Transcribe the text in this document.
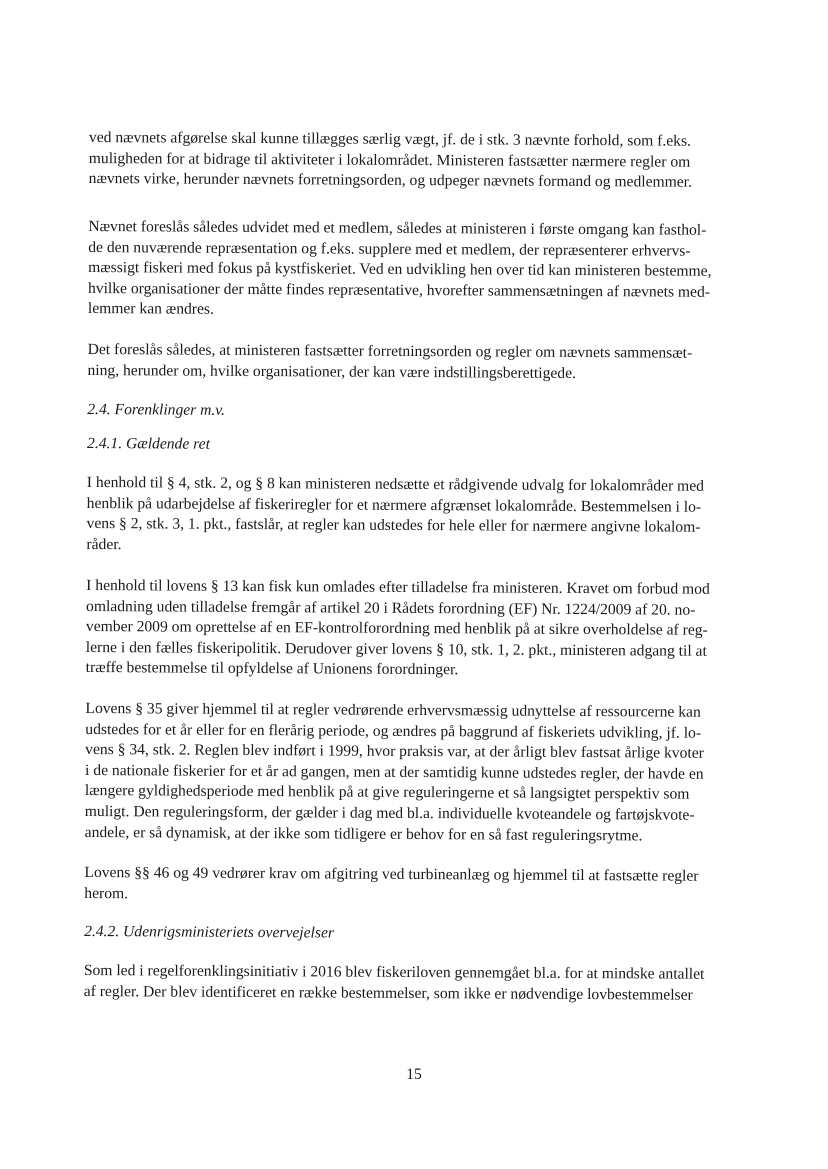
ved nævnets afgørelse skal kunne tillægges særlig vægt, jf. de i stk. 3 nævnte forhold, som f.eks.
muligheden for at bidrage til aktiviteter i lokalområdet. Ministeren fastsætter nærmere regler om
nævnets virke, herunder nævnets forretningsorden, og udpeger nævnets formand og medlemmer.

Nævnet foreslås således udvidet med et medlem, således at ministeren i første omgang kan fasthol-
de den nuværende repræsentation og f.eks. supplere med et medlem, der repræsenterer erhvervs-
mæssigt fiskeri med fokus på kystfiskeriet. Ved en udvikling hen over tid kan ministeren bestemme,
hvilke organisationer der måtte findes repræsentative, hvorefter sammensætningen af nævnets med-
lemmer kan ændres.

Det foreslås således, at ministeren fastsætter forretningsorden og regler om nævnets sammensæt-
ning, herunder om, hvilke organisationer, der kan være indstillingsberettigede.

2.4. Forenklinger m.v.

2.4.1. Gældende ret

I henhold til § 4, stk. 2, og § 8 kan ministeren nedsætte et rådgivende udvalg for lokalområder med
henblik på udarbejdelse af fiskeriregler for et nærmere afgrænset lokalområde. Bestemmelsen i lo-
vens § 2, stk. 3, 1. pkt., fastslår, at regler kan udstedes for hele eller for nærmere angivne lokalom-
råder.

I henhold til lovens § 13 kan fisk kun omlades efter tilladelse fra ministeren. Kravet om forbud mod
omladning uden tilladelse fremgår af artikel 20 i Rådets forordning (EF) Nr. 1224/2009 af 20. no-
vember 2009 om oprettelse af en EF-kontrolforordning med henblik på at sikre overholdelse af reg-
lerne i den fælles fiskeripolitik. Derudover giver lovens § 10, stk. 1, 2. pkt., ministeren adgang til at
træffe bestemmelse til opfyldelse af Unionens forordninger.

Lovens § 35 giver hjemmel til at regler vedrørende erhvervsmæssig udnyttelse af ressourcerne kan
udstedes for et år eller for en flerårig periode, og ændres på baggrund af fiskeriets udvikling, jf. lo-
vens § 34, stk. 2. Reglen blev indført i 1999, hvor praksis var, at der årligt blev fastsat årlige kvoter
i de nationale fiskerier for et år ad gangen, men at der samtidig kunne udstedes regler, der havde en
længere gyldighedsperiode med henblik på at give reguleringerne et så langsigtet perspektiv som
muligt. Den reguleringsform, der gælder i dag med bl.a. individuelle kvoteandele og fartøjskvote-
andele, er så dynamisk, at der ikke som tidligere er behov for en så fast reguleringsrytme.

Lovens §§ 46 og 49 vedrører krav om afgitring ved turbineanlæg og hjemmel til at fastsætte regler
herom.

2.4.2. Udenrigsministeriets overvejelser

Som led i regelforenklingsinitiativ i 2016 blev fiskeriloven gennemgået bl.a. for at mindske antallet
af regler. Der blev identificeret en række bestemmelser, som ikke er nødvendige lovbestemmelser

15
